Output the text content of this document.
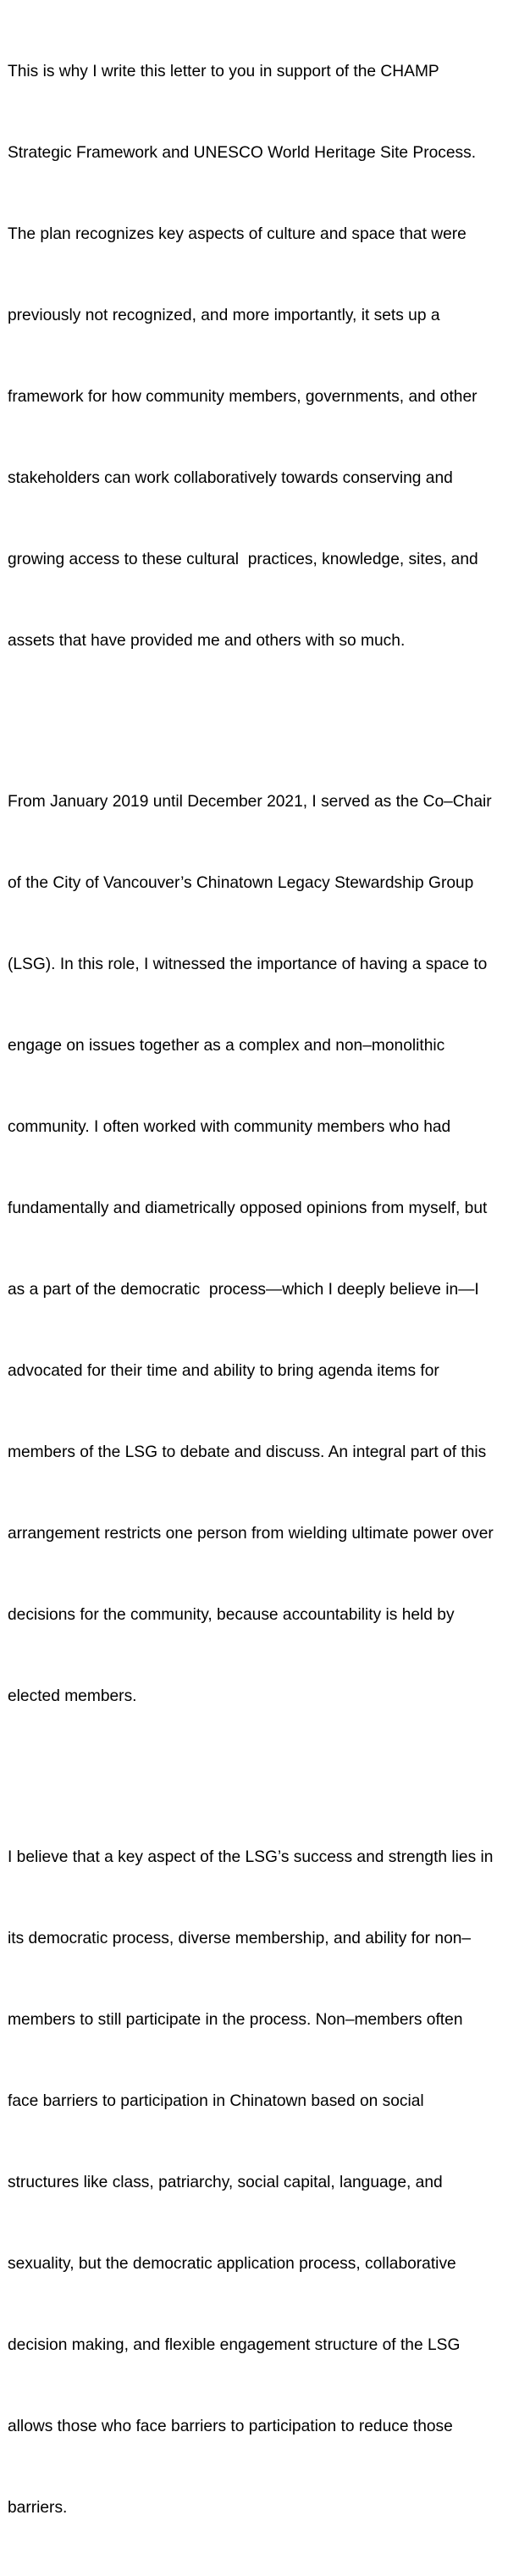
This is why I write this letter to you in support of the CHAMP

Strategic Framework and UNESCO World Heritage Site Process.

The plan recognizes key aspects of culture and space that were

previously not recognized, and more importantly, it sets up a

framework for how community members, governments, and other

stakeholders can work collaboratively towards conserving and

growing access to these cultural  practices, knowledge, sites, and

assets that have provided me and others with so much.

From January 2019 until December 2021, I served as the Co–Chair

of the City of Vancouver’s Chinatown Legacy Stewardship Group

(LSG). In this role, I witnessed the importance of having a space to

engage on issues together as a complex and non–monolithic

community. I often worked with community members who had

fundamentally and diametrically opposed opinions from myself, but

as a part of the democratic  process—which I deeply believe in—I

advocated for their time and ability to bring agenda items for

members of the LSG to debate and discuss. An integral part of this

arrangement restricts one person from wielding ultimate power over

decisions for the community, because accountability is held by

elected members.

I believe that a key aspect of the LSG’s success and strength lies in

its democratic process, diverse membership, and ability for non–

members to still participate in the process. Non–members often

face barriers to participation in Chinatown based on social

structures like class, patriarchy, social capital, language, and

sexuality, but the democratic application process, collaborative

decision making, and flexible engagement structure of the LSG

allows those who face barriers to participation to reduce those

barriers.
